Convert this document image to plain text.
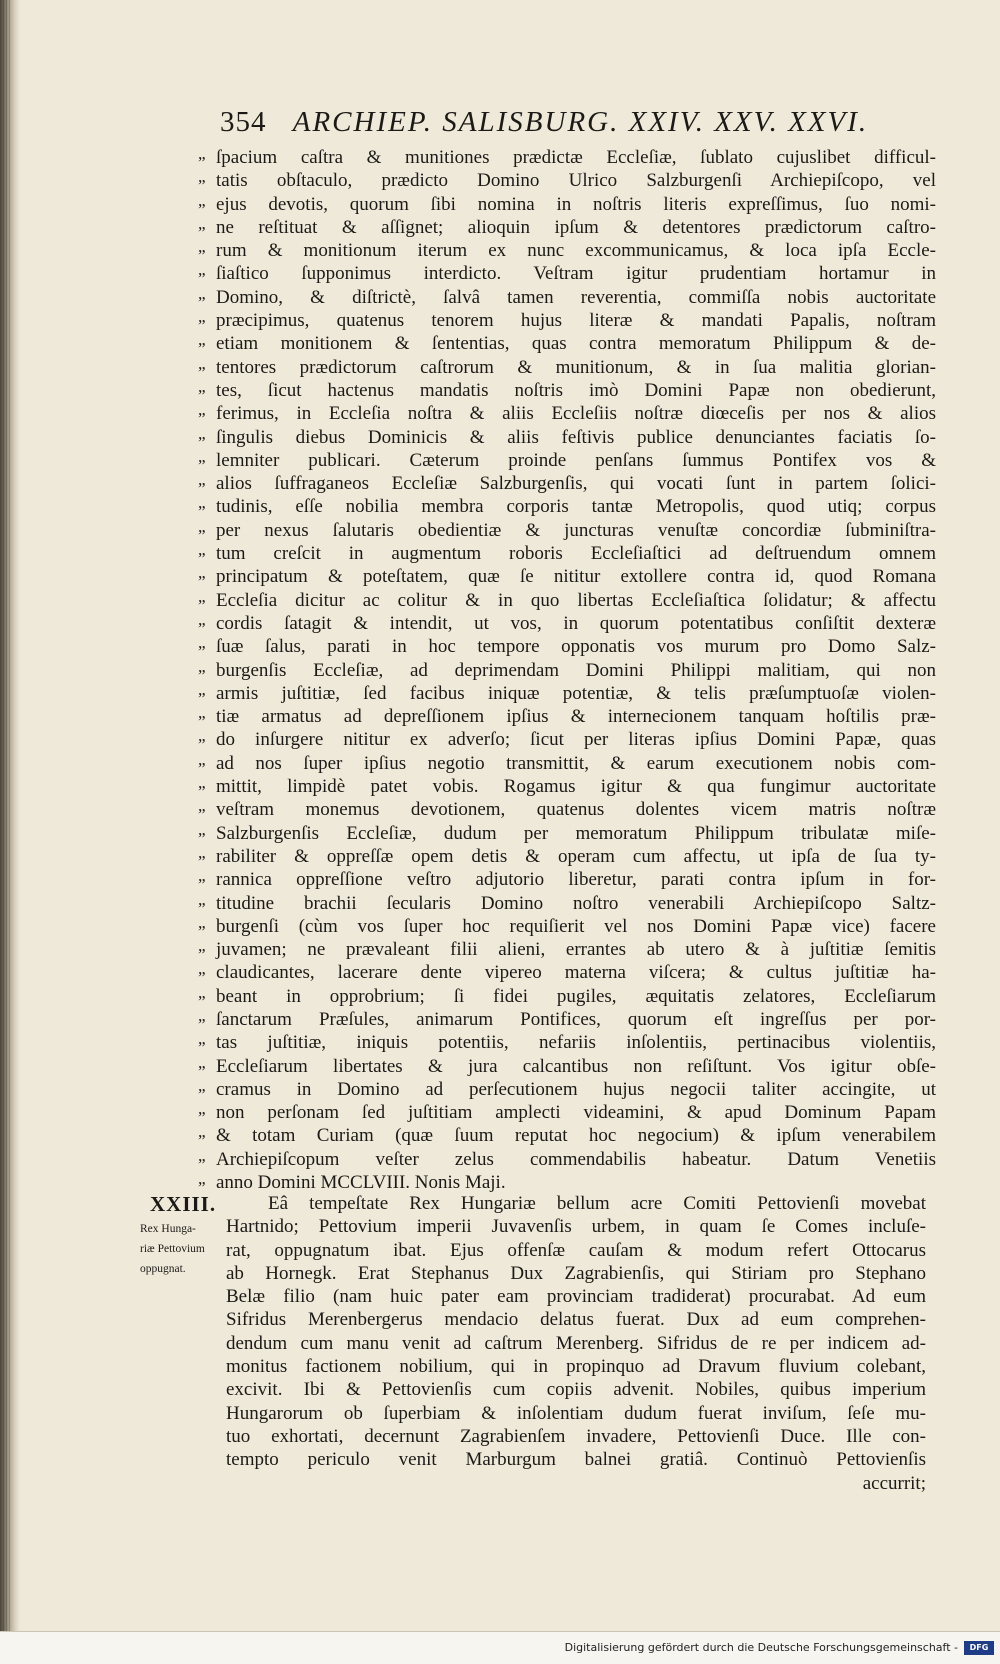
354 ARCHIEP. SALISBURG. XXIV. XXV. XXVI.
„ ſpacium caſtra & munitiones prædictæ Eccleſiæ, ſublato cujuslibet difficul-
„ tatis obſtaculo, prædicto Domino Ulrico Salzburgenſi Archiepiſcopo, vel
„ ejus devotis, quorum ſibi nomina in noſtris literis expreſſimus, ſuo nomi-
„ ne reſtituat & aſſignet; alioquin ipſum & detentores prædictorum caſtro-
„ rum & monitionum iterum ex nunc excommunicamus, & loca ipſa Eccle-
„ ſiaſtico ſupponimus interdicto. Veſtram igitur prudentiam hortamur in
„ Domino, & diſtrictè, ſalvâ tamen reverentia, commiſſa nobis auctoritate
„ præcipimus, quatenus tenorem hujus literæ & mandati Papalis, noſtram
„ etiam monitionem & ſententias, quas contra memoratum Philippum & de-
„ tentores prædictorum caſtrorum & munitionum, & in ſua malitia glorian-
„ tes, ſicut hactenus mandatis noſtris imò Domini Papæ non obedierunt,
„ ferimus, in Eccleſia noſtra & aliis Eccleſiis noſtræ diœceſis per nos & alios
„ ſingulis diebus Dominicis & aliis feſtivis publice denunciantes faciatis ſo-
„ lemniter publicari. Cæterum proinde penſans ſummus Pontifex vos &
„ alios ſuffraganeos Eccleſiæ Salzburgenſis, qui vocati ſunt in partem ſolici-
„ tudinis, eſſe nobilia membra corporis tantæ Metropolis, quod utiq; corpus
„ per nexus ſalutaris obedientiæ & juncturas venuſtæ concordiæ ſubminiſtra-
„ tum creſcit in augmentum roboris Eccleſiaſtici ad deſtruendum omnem
„ principatum & poteſtatem, quæ ſe nititur extollere contra id, quod Romana
„ Eccleſia dicitur ac colitur & in quo libertas Eccleſiaſtica ſolidatur; & affectu
„ cordis ſatagit & intendit, ut vos, in quorum potentatibus conſiſtit dexteræ
„ ſuæ ſalus, parati in hoc tempore opponatis vos murum pro Domo Salz-
„ burgenſis Eccleſiæ, ad deprimendam Domini Philippi malitiam, qui non
„ armis juſtitiæ, ſed facibus iniquæ potentiæ, & telis præſumptuoſæ violen-
„ tiæ armatus ad depreſſionem ipſius & internecionem tanquam hoſtilis præ-
„ do inſurgere nititur ex adverſo; ſicut per literas ipſius Domini Papæ, quas
„ ad nos ſuper ipſius negotio transmittit, & earum executionem nobis com-
„ mittit, limpidè patet vobis. Rogamus igitur & qua fungimur auctoritate
„ veſtram monemus devotionem, quatenus dolentes vicem matris noſtræ
„ Salzburgenſis Eccleſiæ, dudum per memoratum Philippum tribulatæ miſe-
„ rabiliter & oppreſſæ opem detis & operam cum affectu, ut ipſa de ſua ty-
„ rannica oppreſſione veſtro adjutorio liberetur, parati contra ipſum in for-
„ titudine brachii ſecularis Domino noſtro venerabili Archiepiſcopo Saltz-
„ burgenſi (cùm vos ſuper hoc requiſierit vel nos Domini Papæ vice) facere
„ juvamen; ne prævaleant filii alieni, errantes ab utero & à juſtitiæ ſemitis
„ claudicantes, lacerare dente vipereo materna viſcera; & cultus juſtitiæ ha-
„ beant in opprobrium; ſi fidei pugiles, æquitatis zelatores, Eccleſiarum
„ ſanctarum Præſules, animarum Pontifices, quorum eſt ingreſſus per por-
„ tas juſtitiæ, iniquis potentiis, nefariis inſolentiis, pertinacibus violentiis,
„ Eccleſiarum libertates & jura calcantibus non reſiſtunt. Vos igitur obſe-
„ cramus in Domino ad perſecutionem hujus negocii taliter accingite, ut
„ non perſonam ſed juſtitiam amplecti videamini, & apud Dominum Papam
„ & totam Curiam (quæ ſuum reputat hoc negocium) & ipſum venerabilem
„ Archiepiſcopum veſter zelus commendabilis habeatur. Datum Venetiis
„ anno Domini MCCLVIII. Nonis Maji.
XXIII.
Rex Hunga-
riæ Pettovium
oppugnat.
Eâ tempeſtate Rex Hungariæ bellum acre Comiti Pettovienſi movebat
Hartnido; Pettovium imperii Juvavenſis urbem, in quam ſe Comes incluſe-
rat, oppugnatum ibat. Ejus offenſæ cauſam & modum refert Ottocarus
ab Hornegk. Erat Stephanus Dux Zagrabienſis, qui Stiriam pro Stephano
Belæ filio (nam huic pater eam provinciam tradiderat) procurabat. Ad eum
Sifridus Merenbergerus mendacio delatus fuerat. Dux ad eum comprehen-
dendum cum manu venit ad caſtrum Merenberg. Sifridus de re per indicem ad-
monitus factionem nobilium, qui in propinquo ad Dravum fluvium colebant,
excivit. Ibi & Pettovienſis cum copiis advenit. Nobiles, quibus imperium
Hungarorum ob ſuperbiam & inſolentiam dudum fuerat inviſum, ſeſe mu-
tuo exhortati, decernunt Zagrabienſem invadere, Pettovienſi Duce. Ille con-
tempto periculo venit Marburgum balnei gratiâ. Continuò Pettovienſis
accurrit;
Digitalisierung gefördert durch die Deutsche Forschungsgemeinschaft -	DFG
